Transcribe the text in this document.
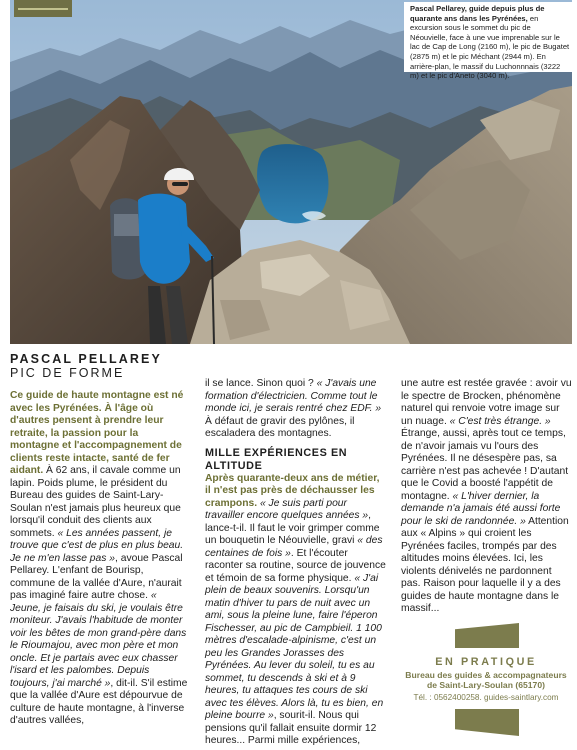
Pascal Pellarey, guide depuis plus de quarante ans dans les Pyrénées, en excursion sous le sommet du pic de Néouvielle, face à une vue imprenable sur le lac de Cap de Long (2160 m), le pic de Bugatet (2875 m) et le pic Méchant (2944 m). En arrière-plan, le massif du Luchonnnais (3222 m) et le pic d'Aneto (3040 m).
PASCAL PELLAREY
PIC DE FORME

Ce guide de haute montagne est né avec les Pyrénées. À l'âge où d'autres pensent à prendre leur retraite, la passion pour la montagne et l'accompagnement de clients reste intacte, santé de fer aidant. À 62 ans, il cavale comme un lapin. Poids plume, le président du Bureau des guides de Saint-Lary-Soulan n'est jamais plus heureux que lorsqu'il conduit des clients aux sommets. « Les années passent, je trouve que c'est de plus en plus beau. Je ne m'en lasse pas », avoue Pascal Pellarey. L'enfant de Bourisp, commune de la vallée d'Aure, n'aurait pas imaginé faire autre chose. « Jeune, je faisais du ski, je voulais être moniteur. J'avais l'habitude de monter voir les bêtes de mon grand-père dans le Rioumajou, avec mon père et mon oncle. Et je partais avec eux chasser l'isard et les palombes. Depuis toujours, j'ai marché », dit-il. S'il estime que la vallée d'Aure est dépourvue de culture de haute montagne, à l'inverse d'autres vallées,

il se lance. Sinon quoi ? « J'avais une formation d'électricien. Comme tout le monde ici, je serais rentré chez EDF. » À défaut de gravir des pylônes, il escaladera des montagnes.

MILLE EXPÉRIENCES EN ALTITUDE

Après quarante-deux ans de métier, il n'est pas près de déchausser les crampons. « Je suis parti pour travailler encore quelques années », lance-t-il. Il faut le voir grimper comme un bouquetin le Néouvielle, gravi « des centaines de fois ». Et l'écouter raconter sa routine, source de jouvence et témoin de sa forme physique. « J'ai plein de beaux souvenirs. Lorsqu'un matin d'hiver tu pars de nuit avec un ami, sous la pleine lune, faire l'éperon Fischesser, au pic de Campbieil. 1 100 mètres d'escalade-alpinisme, c'est un peu les Grandes Jorasses des Pyrénées. Au lever du soleil, tu es au sommet, tu descends à ski et à 9 heures, tu attaques tes cours de ski avec tes élèves. Alors là, tu es bien, en pleine bourre », sourit-il. Nous qui pensions qu'il fallait ensuite dormir 12 heures... Parmi mille expériences,

une autre est restée gravée : avoir vu le spectre de Brocken, phénomène naturel qui renvoie votre image sur un nuage. « C'est très étrange. » Étrange, aussi, après tout ce temps, de n'avoir jamais vu l'ours des Pyrénées. Il ne désespère pas, sa carrière n'est pas achevée ! D'autant que le Covid a boosté l'appétit de montagne. « L'hiver dernier, la demande n'a jamais été aussi forte pour le ski de randonnée. » Attention aux « Alpins » qui croient les Pyrénées faciles, trompés par des altitudes moins élevées. Ici, les violents dénivelés ne pardonnent pas. Raison pour laquelle il y a des guides de haute montagne dans le massif...

EN PRATIQUE
Bureau des guides & accompagnateurs
de Saint-Lary-Soulan (65170)
Tél. : 0562400258. guides-saintlary.com
